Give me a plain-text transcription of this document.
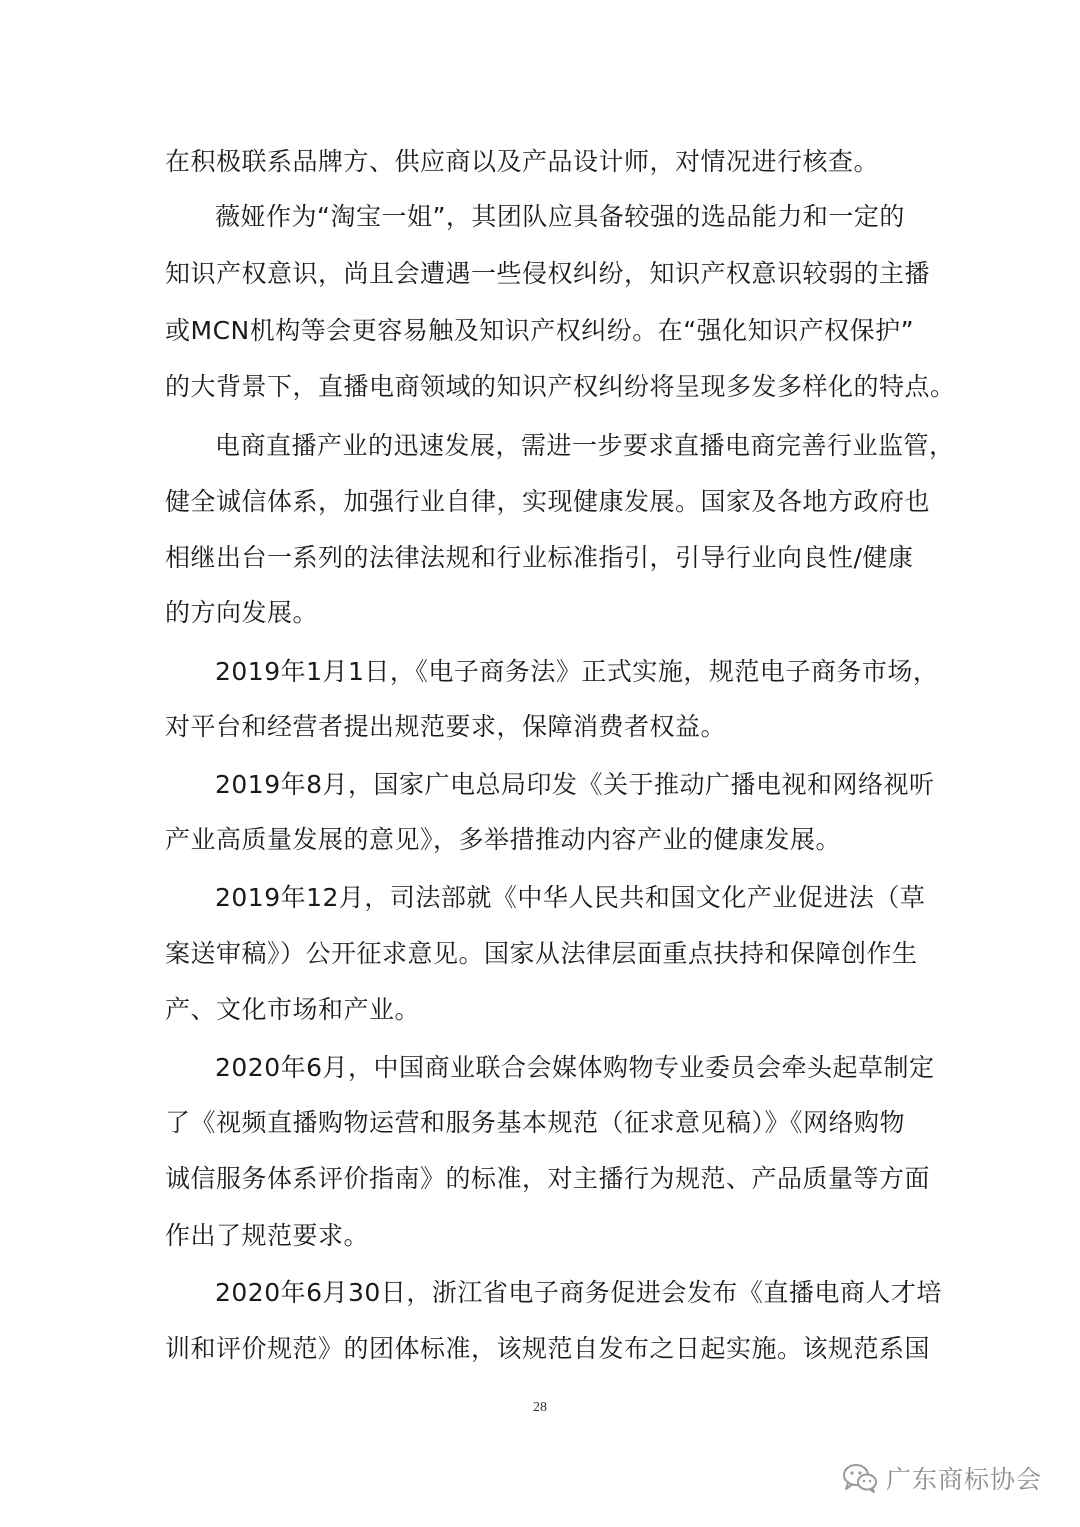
在积极联系品牌方、供应商以及产品设计师，对情况进行核查。

薇娅作为“淘宝一姐”，其团队应具备较强的选品能力和一定的

知识产权意识，尚且会遭遇一些侵权纠纷，知识产权意识较弱的主播

或MCN机构等会更容易触及知识产权纠纷。在“强化知识产权保护”

的大背景下，直播电商领域的知识产权纠纷将呈现多发多样化的特点。

电商直播产业的迅速发展，需进一步要求直播电商完善行业监管，

健全诚信体系，加强行业自律，实现健康发展。国家及各地方政府也

相继出台一系列的法律法规和行业标准指引，引导行业向良性/健康

的方向发展。

2019年1月1日，《电子商务法》正式实施，规范电子商务市场，

对平台和经营者提出规范要求，保障消费者权益。

2019年8月，国家广电总局印发《关于推动广播电视和网络视听

产业高质量发展的意见》，多举措推动内容产业的健康发展。

2019年12月，司法部就《中华人民共和国文化产业促进法（草

案送审稿》）公开征求意见。国家从法律层面重点扶持和保障创作生

产、文化市场和产业。

2020年6月，中国商业联合会媒体购物专业委员会牵头起草制定

了《视频直播购物运营和服务基本规范（征求意见稿）》《网络购物

诚信服务体系评价指南》的标准，对主播行为规范、产品质量等方面

作出了规范要求。

2020年6月30日，浙江省电子商务促进会发布《直播电商人才培

训和评价规范》的团体标准，该规范自发布之日起实施。该规范系国

28
广东商标协会
